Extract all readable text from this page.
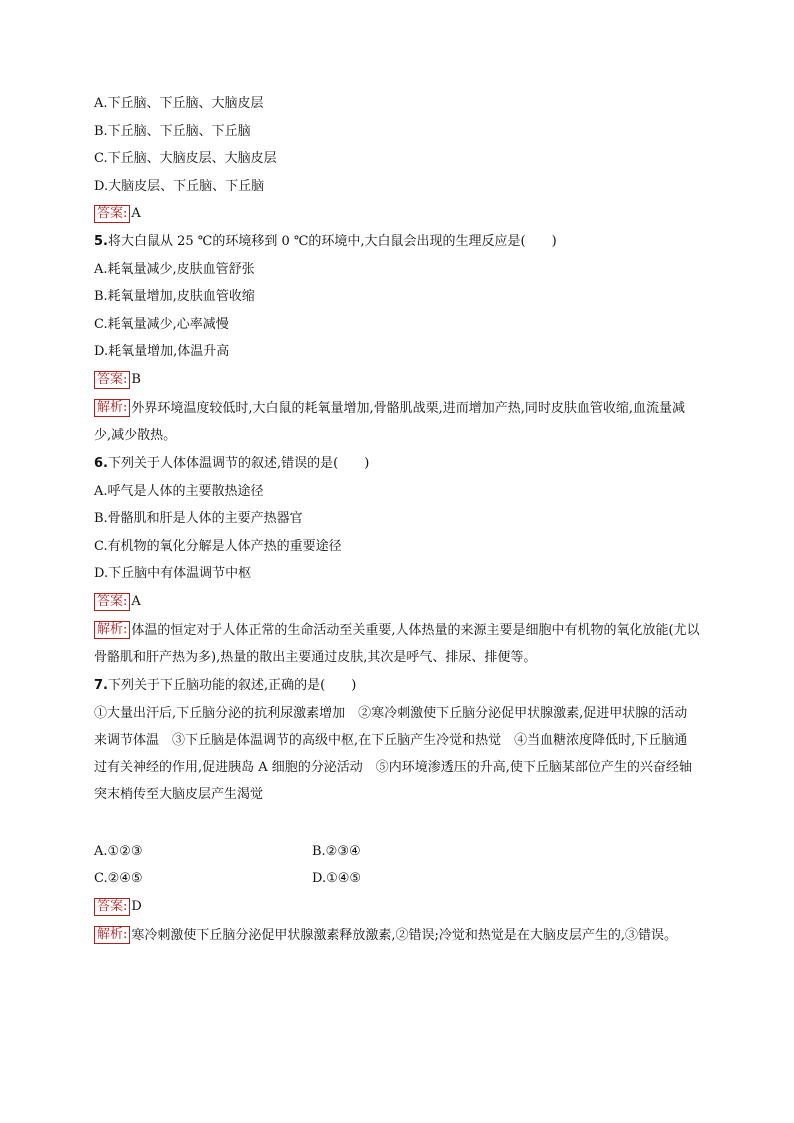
A.下丘脑、下丘脑、大脑皮层
B.下丘脑、下丘脑、下丘脑
C.下丘脑、大脑皮层、大脑皮层
D.大脑皮层、下丘脑、下丘脑
答案: A
5.将大白鼠从 25 ℃的环境移到 0 ℃的环境中,大白鼠会出现的生理反应是(　　)
A.耗氧量减少,皮肤血管舒张
B.耗氧量增加,皮肤血管收缩
C.耗氧量减少,心率减慢
D.耗氧量增加,体温升高
答案: B
解析: 外界环境温度较低时,大白鼠的耗氧量增加,骨骼肌战栗,进而增加产热,同时皮肤血管收缩,血流量减少,减少散热。
6.下列关于人体体温调节的叙述,错误的是(　　)
A.呼气是人体的主要散热途径
B.骨骼肌和肝是人体的主要产热器官
C.有机物的氧化分解是人体产热的重要途径
D.下丘脑中有体温调节中枢
答案: A
解析: 体温的恒定对于人体正常的生命活动至关重要,人体热量的来源主要是细胞中有机物的氧化放能(尤以骨骼肌和肝产热为多),热量的散出主要通过皮肤,其次是呼气、排尿、排便等。
7.下列关于下丘脑功能的叙述,正确的是(　　)
①大量出汗后,下丘脑分泌的抗利尿激素增加　②寒冷刺激使下丘脑分泌促甲状腺激素,促进甲状腺的活动来调节体温　③下丘脑是体温调节的高级中枢,在下丘脑产生冷觉和热觉　④当血糖浓度降低时,下丘脑通过有关神经的作用,促进胰岛 A 细胞的分泌活动　⑤内环境渗透压的升高,使下丘脑某部位产生的兴奋经轴突末梢传至大脑皮层产生渴觉
A.①②③	B.②③④
C.②④⑤	D.①④⑤
答案: D
解析: 寒冷刺激使下丘脑分泌促甲状腺激素释放激素,②错误;冷觉和热觉是在大脑皮层产生的,③错误。
